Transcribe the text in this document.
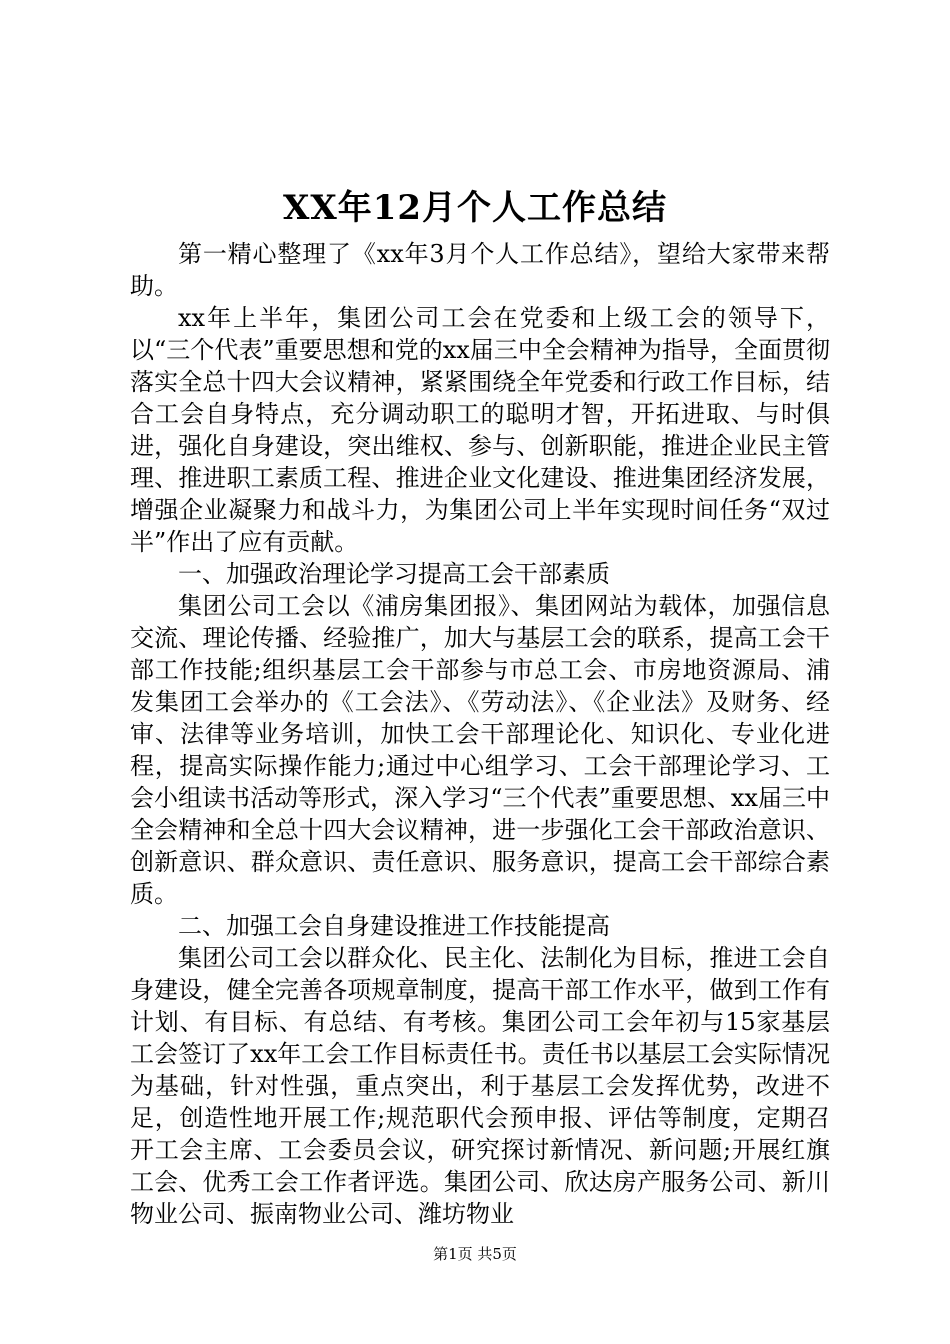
XX年12月个人工作总结

第一精心整理了《xx年3月个人工作总结》，望给大家带来帮助。

xx年上半年，集团公司工会在党委和上级工会的领导下，以“三个代表”重要思想和党的xx届三中全会精神为指导，全面贯彻落实全总十四大会议精神，紧紧围绕全年党委和行政工作目标，结合工会自身特点，充分调动职工的聪明才智，开拓进取、与时俱进，强化自身建设，突出维权、参与、创新职能，推进企业民主管理、推进职工素质工程、推进企业文化建设、推进集团经济发展，增强企业凝聚力和战斗力，为集团公司上半年实现时间任务“双过半”作出了应有贡献。

一、加强政治理论学习提高工会干部素质

集团公司工会以《浦房集团报》、集团网站为载体，加强信息交流、理论传播、经验推广，加大与基层工会的联系，提高工会干部工作技能;组织基层工会干部参与市总工会、市房地资源局、浦发集团工会举办的《工会法》、《劳动法》、《企业法》及财务、经审、法律等业务培训，加快工会干部理论化、知识化、专业化进程，提高实际操作能力;通过中心组学习、工会干部理论学习、工会小组读书活动等形式，深入学习“三个代表”重要思想、xx届三中全会精神和全总十四大会议精神，进一步强化工会干部政治意识、创新意识、群众意识、责任意识、服务意识，提高工会干部综合素质。

二、加强工会自身建设推进工作技能提高

集团公司工会以群众化、民主化、法制化为目标，推进工会自身建设，健全完善各项规章制度，提高干部工作水平，做到工作有计划、有目标、有总结、有考核。集团公司工会年初与15家基层工会签订了xx年工会工作目标责任书。责任书以基层工会实际情况为基础，针对性强，重点突出，利于基层工会发挥优势，改进不足，创造性地开展工作;规范职代会预申报、评估等制度，定期召开工会主席、工会委员会议，研究探讨新情况、新问题;开展红旗工会、优秀工会工作者评选。集团公司、欣达房产服务公司、新川物业公司、振南物业公司、潍坊物业

第1页 共5页
